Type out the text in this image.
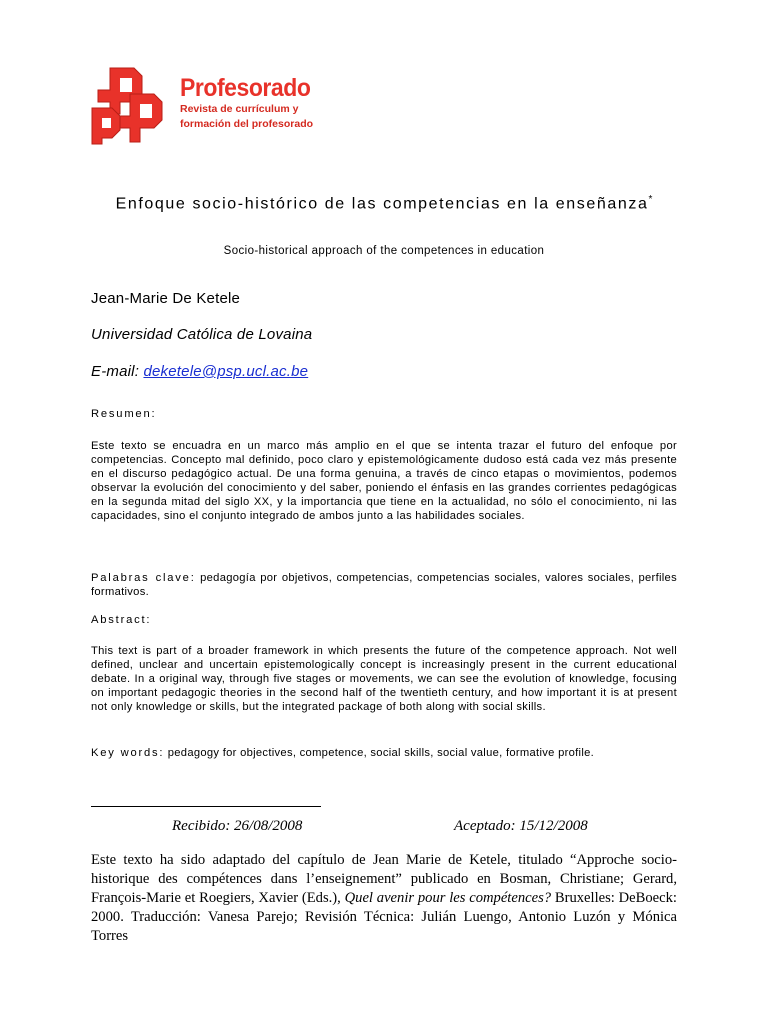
Profesorado
Revista de currículum y
formación del profesorado
Enfoque socio-histórico de las competencias en la enseñanza*
Socio-historical approach of the competences in education
Jean-Marie De Ketele
Universidad Católica de Lovaina
E-mail: deketele@psp.ucl.ac.be
Resumen:
Este texto se encuadra en un marco más amplio en el que se intenta trazar el futuro del enfoque por competencias. Concepto mal definido, poco claro y epistemológicamente dudoso está cada vez más presente en el discurso pedagógico actual. De una forma genuina, a través de cinco etapas o movimientos, podemos observar la evolución del conocimiento y del saber, poniendo el énfasis en las grandes corrientes pedagógicas en la segunda mitad del siglo XX, y la importancia que tiene en la actualidad, no sólo el conocimiento, ni las capacidades, sino el conjunto integrado de ambos junto a las habilidades sociales.
Palabras clave: pedagogía por objetivos, competencias, competencias sociales, valores sociales, perfiles formativos.
Abstract:
This text is part of a broader framework in which presents the future of the competence approach. Not well defined, unclear and uncertain epistemologically concept is increasingly present in the current educational debate. In a original way, through five stages or movements, we can see the evolution of knowledge, focusing on important pedagogic theories in the second half of the twentieth century, and how important it is at present not only knowledge or skills, but the integrated package of both along with social skills.
Key words: pedagogy for objectives, competence, social skills, social value, formative profile.
Recibido: 26/08/2008	Aceptado: 15/12/2008
Este texto ha sido adaptado del capítulo de Jean Marie de Ketele, titulado “Approche socio-historique des compétences dans l’enseignement” publicado en Bosman, Christiane; Gerard, François-Marie et Roegiers, Xavier (Eds.), Quel avenir pour les compétences? Bruxelles: DeBoeck: 2000. Traducción: Vanesa Parejo; Revisión Técnica: Julián Luengo, Antonio Luzón y Mónica Torres
